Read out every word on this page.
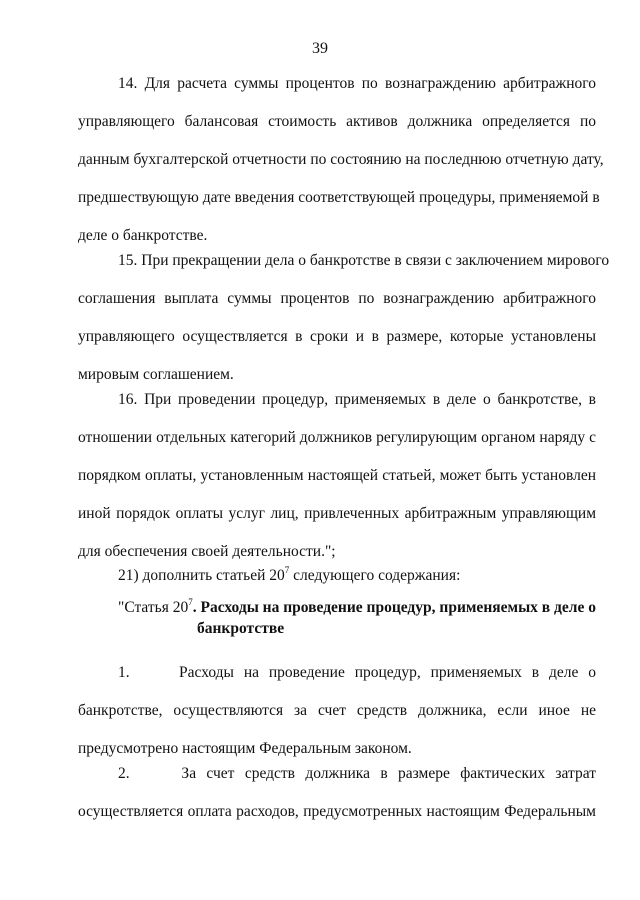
39
14. Для расчета суммы процентов по вознаграждению арбитражного
управляющего балансовая стоимость активов должника определяется по
данным бухгалтерской отчетности по состоянию на последнюю отчетную дату,
предшествующую дате введения соответствующей процедуры, применяемой в
деле о банкротстве.
15. При прекращении дела о банкротстве в связи с заключением мирового
соглашения выплата суммы процентов по вознаграждению арбитражного
управляющего осуществляется в сроки и в размере, которые установлены
мировым соглашением.
16. При проведении процедур, применяемых в деле о банкротстве, в
отношении отдельных категорий должников регулирующим органом наряду с
порядком оплаты, установленным настоящей статьей, может быть установлен
иной порядок оплаты услуг лиц, привлеченных арбитражным управляющим
для обеспечения своей деятельности.";
21) дополнить статьей $20^7$ следующего содержания:
"Статья $20^7$. Расходы на проведение процедур, применяемых в деле о
банкротстве
1.     Расходы на проведение процедур, применяемых в деле о
банкротстве, осуществляются за счет средств должника, если иное не
предусмотрено настоящим Федеральным законом.
2.     За счет средств должника в размере фактических затрат
осуществляется оплата расходов, предусмотренных настоящим Федеральным
